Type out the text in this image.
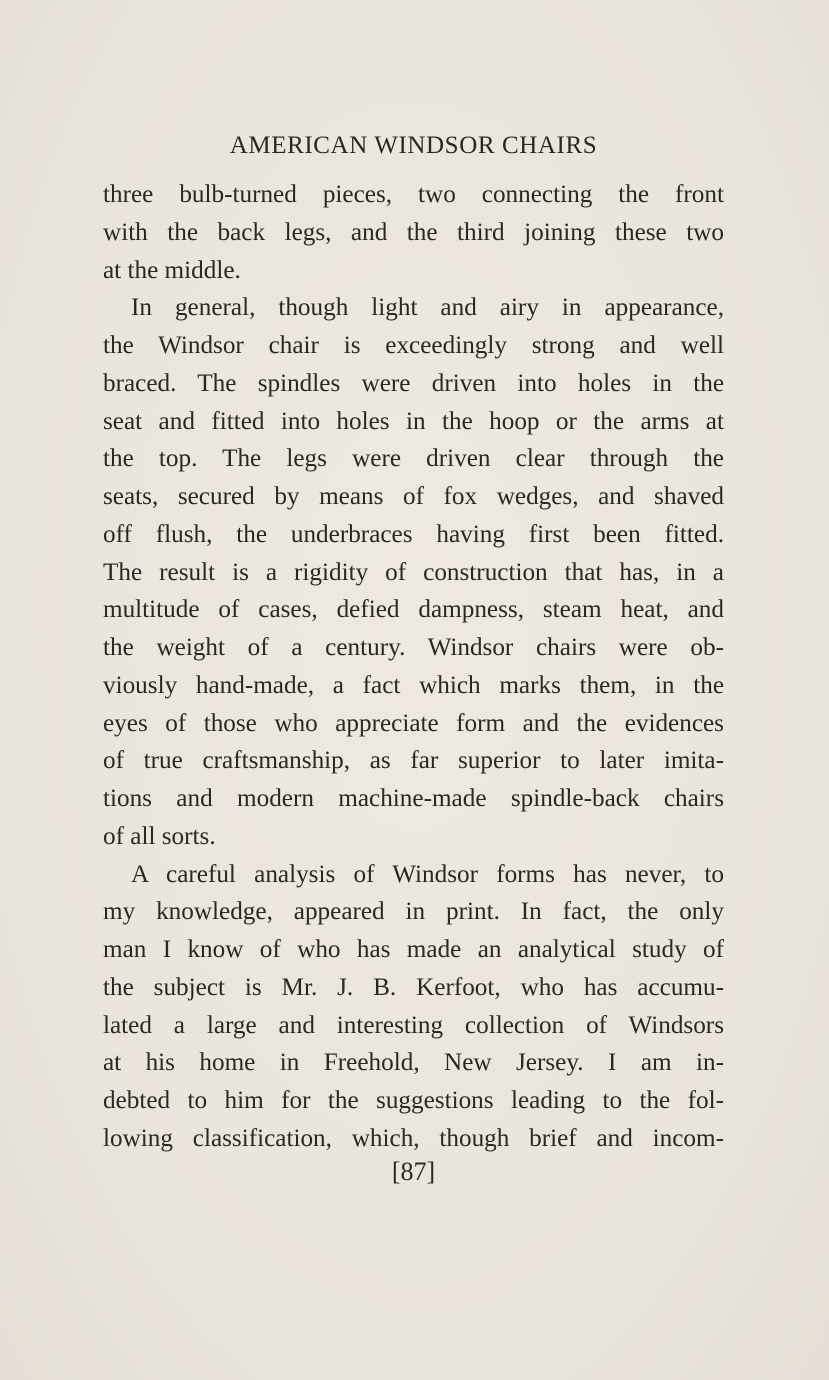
AMERICAN WINDSOR CHAIRS
three bulb-turned pieces, two connecting the front
with the back legs, and the third joining these two
at the middle.
In general, though light and airy in appearance,
the Windsor chair is exceedingly strong and well
braced. The spindles were driven into holes in the
seat and fitted into holes in the hoop or the arms at
the top. The legs were driven clear through the
seats, secured by means of fox wedges, and shaved
off flush, the underbraces having first been fitted.
The result is a rigidity of construction that has, in a
multitude of cases, defied dampness, steam heat, and
the weight of a century. Windsor chairs were ob-
viously hand-made, a fact which marks them, in the
eyes of those who appreciate form and the evidences
of true craftsmanship, as far superior to later imita-
tions and modern machine-made spindle-back chairs
of all sorts.
A careful analysis of Windsor forms has never, to
my knowledge, appeared in print. In fact, the only
man I know of who has made an analytical study of
the subject is Mr. J. B. Kerfoot, who has accumu-
lated a large and interesting collection of Windsors
at his home in Freehold, New Jersey. I am in-
debted to him for the suggestions leading to the fol-
lowing classification, which, though brief and incom-
[87]
